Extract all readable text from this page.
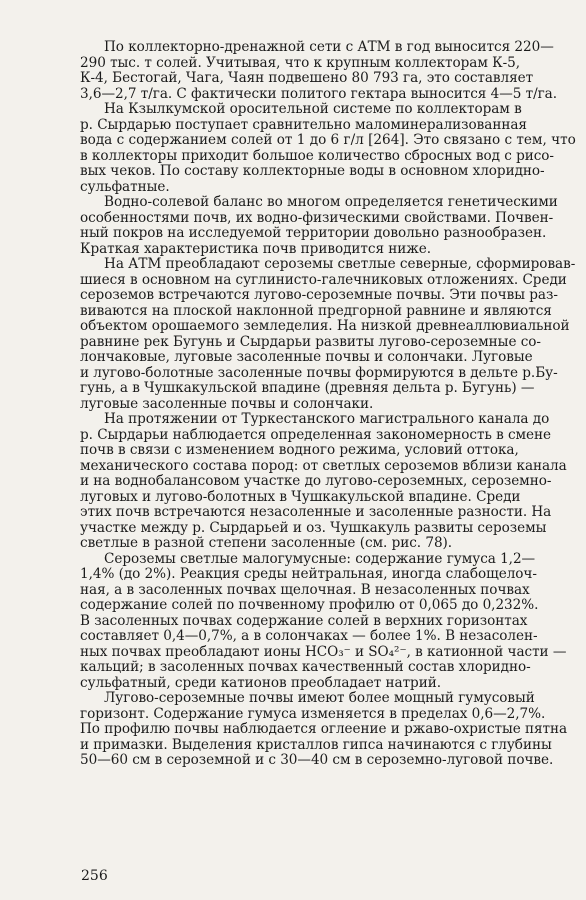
По коллекторно-дренажной сети с АТМ в год выносится 220—
290 тыс. т солей. Учитывая, что к крупным коллекторам К-5,
К-4, Бестогай, Чага, Чаян подвешено 80 793 га, это составляет
3,6—2,7 т/га. С фактически политого гектара выносится 4—5 т/га.
На Кзылкумской оросительной системе по коллекторам в
р. Сырдарью поступает сравнительно маломинерализованная
вода с содержанием солей от 1 до 6 г/л [264]. Это связано с тем, что
в коллекторы приходит большое количество сбросных вод с рисо-
вых чеков. По составу коллекторные воды в основном хлоридно-
сульфатные.
Водно-солевой баланс во многом определяется генетическими
особенностями почв, их водно-физическими свойствами. Почвен-
ный покров на исследуемой территории довольно разнообразен.
Краткая характеристика почв приводится ниже.
На АТМ преобладают сероземы светлые северные, сформировав-
шиеся в основном на суглинисто-галечниковых отложениях. Среди
сероземов встречаются лугово-сероземные почвы. Эти почвы раз-
виваются на плоской наклонной предгорной равнине и являются
объектом орошаемого земледелия. На низкой древнеаллювиальной
равнине рек Бугунь и Сырдарьи развиты лугово-сероземные со-
лончаковые, луговые засоленные почвы и солончаки. Луговые
и лугово-болотные засоленные почвы формируются в дельте р.Бу-
гунь, а в Чушкакульской впадине (древняя дельта р. Бугунь) —
луговые засоленные почвы и солончаки.
На протяжении от Туркестанского магистрального канала до
р. Сырдарьи наблюдается определенная закономерность в смене
почв в связи с изменением водного режима, условий оттока,
механического состава пород: от светлых сероземов вблизи канала
и на воднобалансовом участке до лугово-сероземных, сероземно-
луговых и лугово-болотных в Чушкакульской впадине. Среди
этих почв встречаются незасоленные и засоленные разности. На
участке между р. Сырдарьей и оз. Чушкакуль развиты сероземы
светлые в разной степени засоленные (см. рис. 78).
Сероземы светлые малогумусные: содержание гумуса 1,2—
1,4% (до 2%). Реакция среды нейтральная, иногда слабощелоч-
ная, а в засоленных почвах щелочная. В незасоленных почвах
содержание солей по почвенному профилю от 0,065 до 0,232%.
В засоленных почвах содержание солей в верхних горизонтах
составляет 0,4—0,7%, а в солончаках — более 1%. В незасолен-
ных почвах преобладают ионы HCO₃⁻ и SO₄²⁻, в катионной части —
кальций; в засоленных почвах качественный состав хлоридно-
сульфатный, среди катионов преобладает натрий.
Лугово-сероземные почвы имеют более мощный гумусовый
горизонт. Содержание гумуса изменяется в пределах 0,6—2,7%.
По профилю почвы наблюдается оглеение и ржаво-охристые пятна
и примазки. Выделения кристаллов гипса начинаются с глубины
50—60 см в сероземной и с 30—40 см в сероземно-луговой почве.
256
